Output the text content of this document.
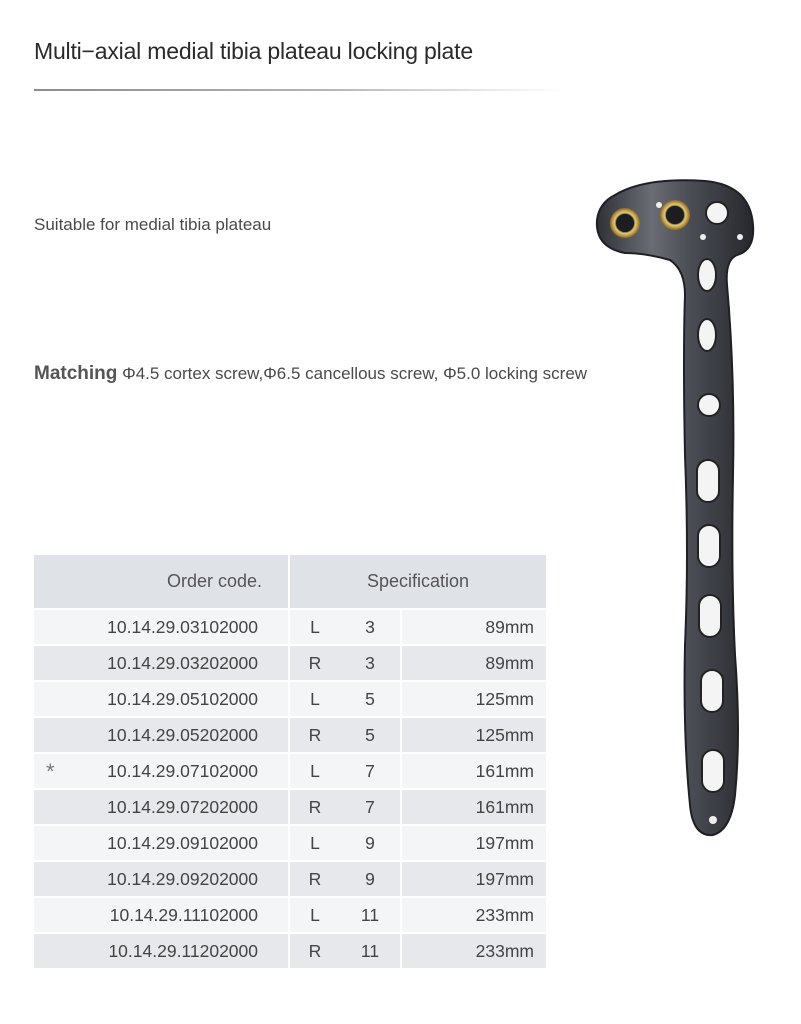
Multi−axial medial tibia plateau locking plate
Suitable for medial tibia plateau
Matching Φ4.5 cortex screw,Φ6.5 cancellous screw, Φ5.0 locking screw
Order code.	Specification		
10.14.29.03102000	L	3	89mm
10.14.29.03202000	R	3	89mm
10.14.29.05102000	L	5	125mm
10.14.29.05202000	R	5	125mm

* 10.14.29.07102000	L	7	161mm
10.14.29.07202000	R	7	161mm
10.14.29.09102000	L	9	197mm
10.14.29.09202000	R	9	197mm
10.14.29.11102000	L	11	233mm
10.14.29.11202000	R	11	233mm
